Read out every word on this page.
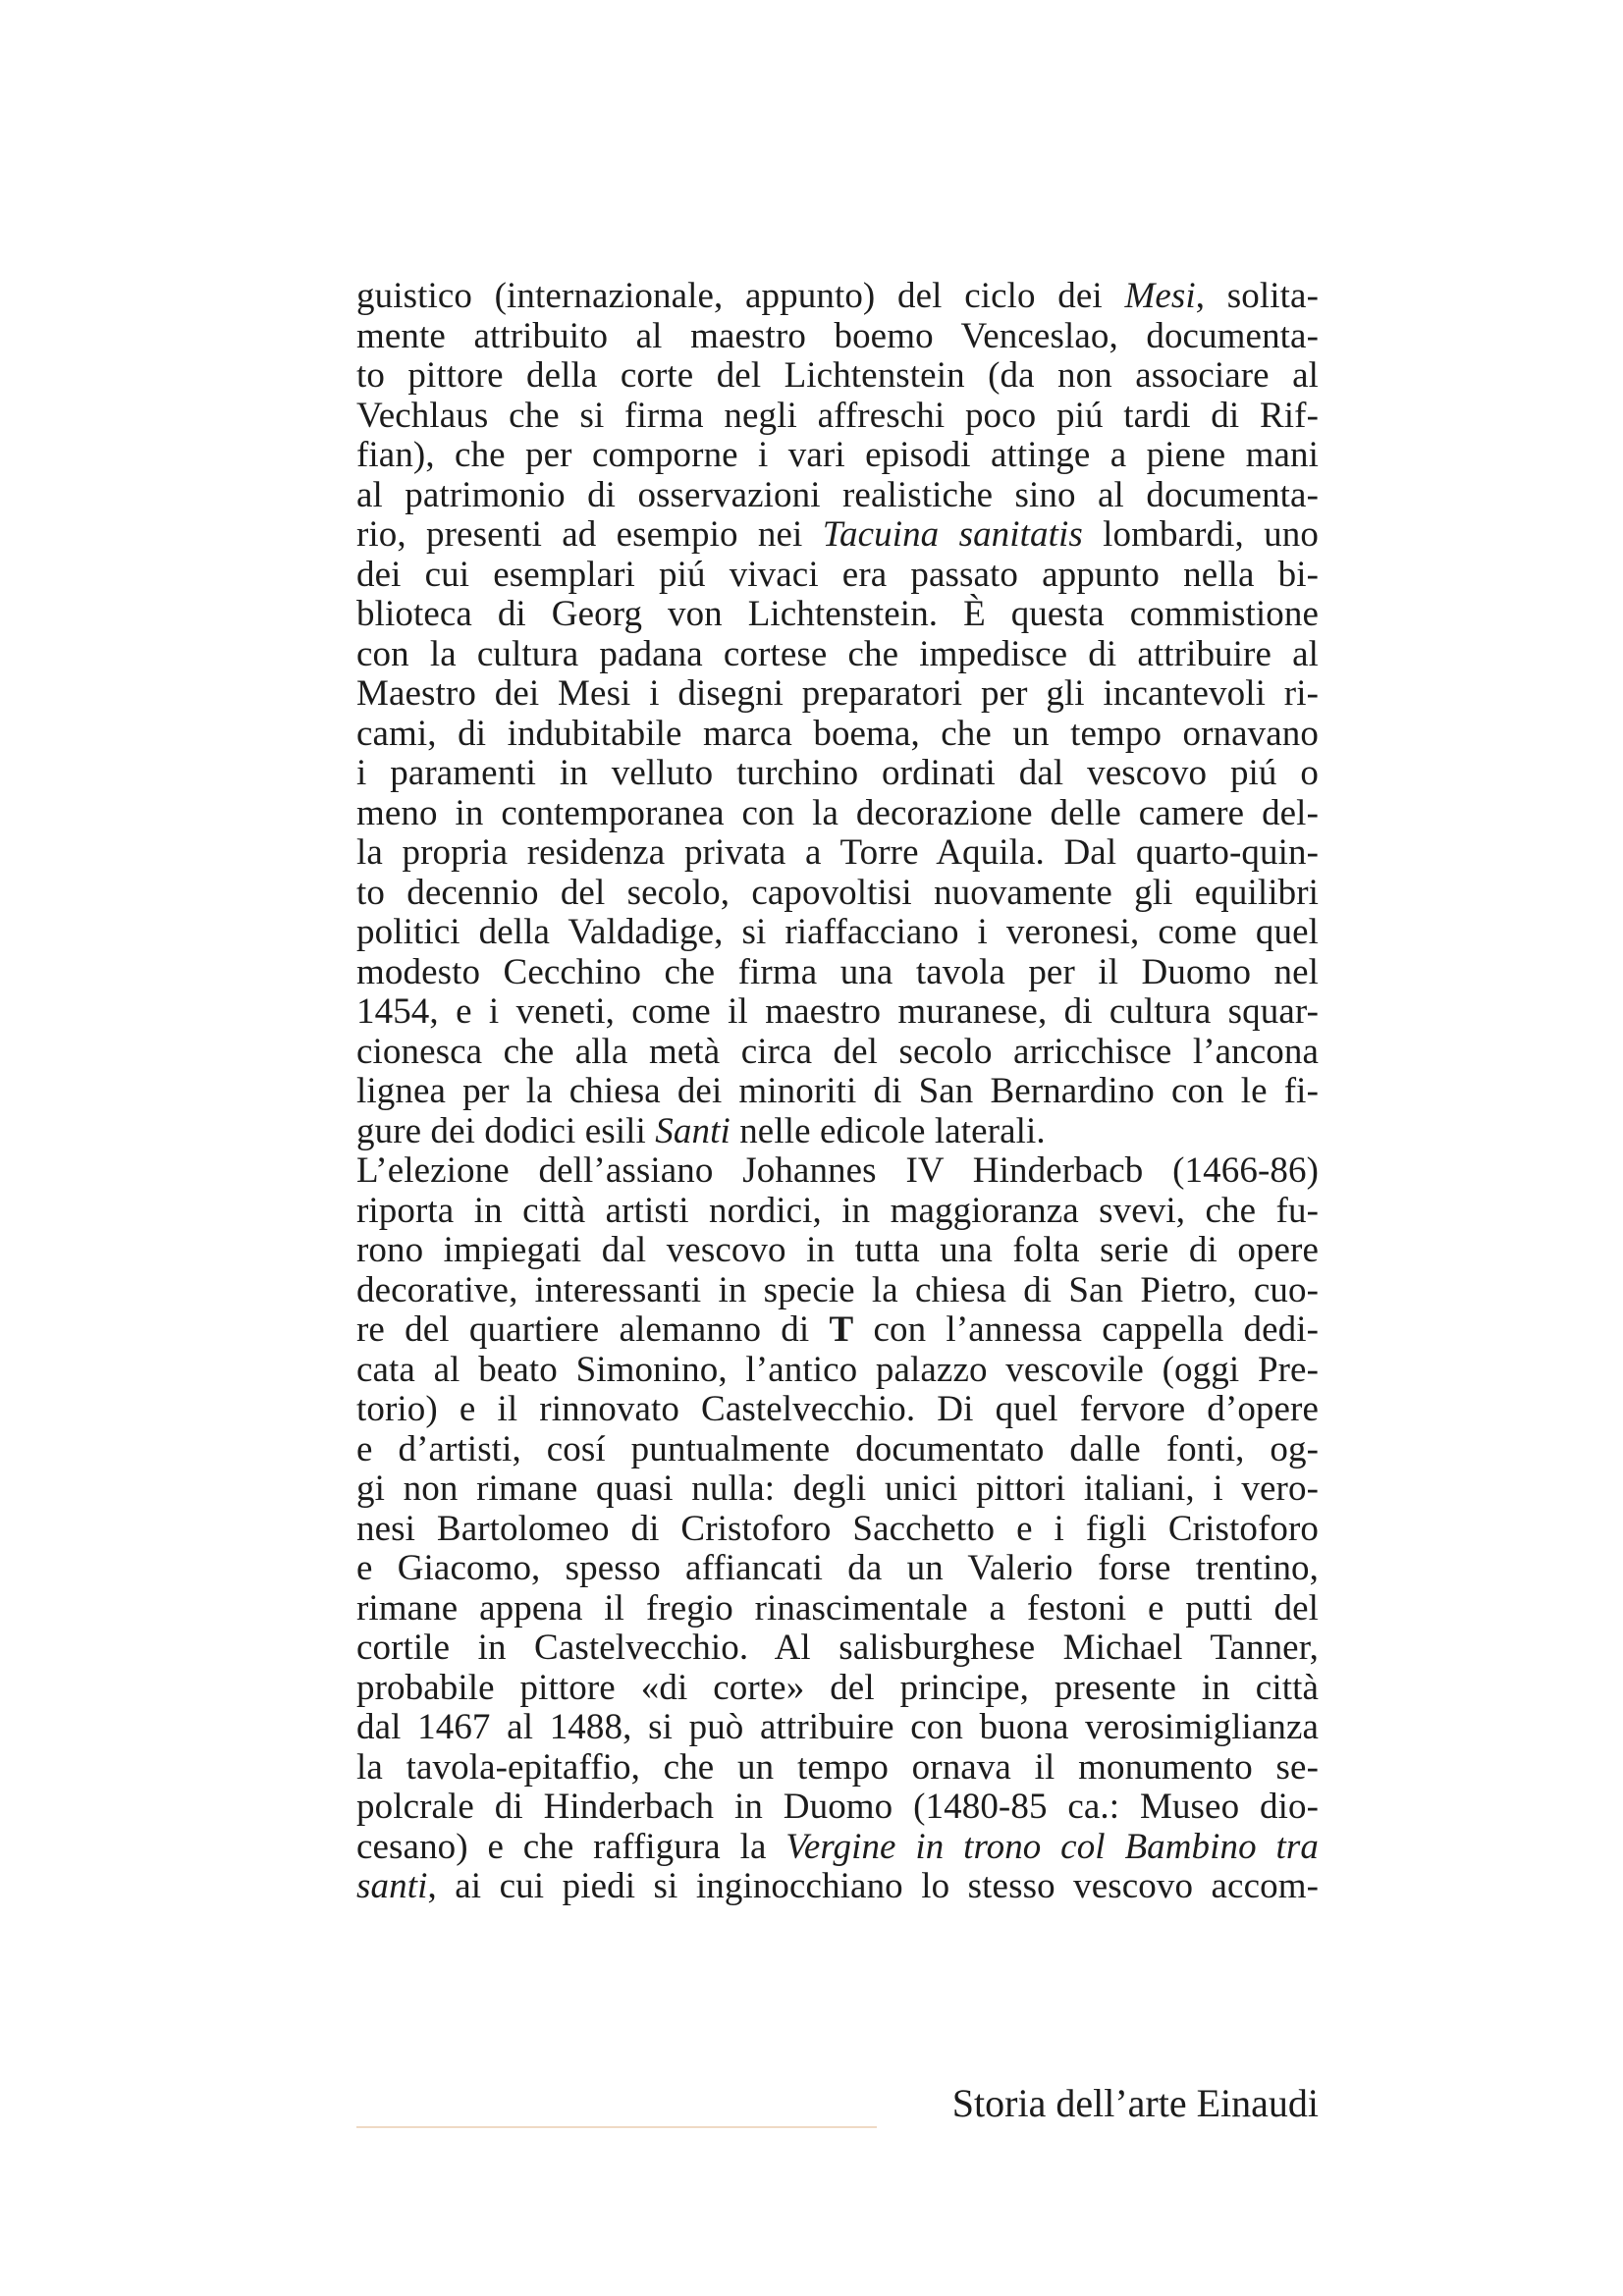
guistico (internazionale, appunto) del ciclo dei Mesi, solita-
mente attribuito al maestro boemo Venceslao, documenta-
to pittore della corte del Lichtenstein (da non associare al
Vechlaus che si firma negli affreschi poco piú tardi di Rif-
fian), che per comporne i vari episodi attinge a piene mani
al patrimonio di osservazioni realistiche sino al documenta-
rio, presenti ad esempio nei Tacuina sanitatis lombardi, uno
dei cui esemplari piú vivaci era passato appunto nella bi-
blioteca di Georg von Lichtenstein. È questa commistione
con la cultura padana cortese che impedisce di attribuire al
Maestro dei Mesi i disegni preparatori per gli incantevoli ri-
cami, di indubitabile marca boema, che un tempo ornavano
i paramenti in velluto turchino ordinati dal vescovo piú o
meno in contemporanea con la decorazione delle camere del-
la propria residenza privata a Torre Aquila. Dal quarto-quin-
to decennio del secolo, capovoltisi nuovamente gli equilibri
politici della Valdadige, si riaffacciano i veronesi, come quel
modesto Cecchino che firma una tavola per il Duomo nel
1454, e i veneti, come il maestro muranese, di cultura squar-
cionesca che alla metà circa del secolo arricchisce l’ancona
lignea per la chiesa dei minoriti di San Bernardino con le fi-
gure dei dodici esili Santi nelle edicole laterali.
L’elezione dell’assiano Johannes IV Hinderbacb (1466-86)
riporta in città artisti nordici, in maggioranza svevi, che fu-
rono impiegati dal vescovo in tutta una folta serie di opere
decorative, interessanti in specie la chiesa di San Pietro, cuo-
re del quartiere alemanno di T con l’annessa cappella dedi-
cata al beato Simonino, l’antico palazzo vescovile (oggi Pre-
torio) e il rinnovato Castelvecchio. Di quel fervore d’opere
e d’artisti, cosí puntualmente documentato dalle fonti, og-
gi non rimane quasi nulla: degli unici pittori italiani, i vero-
nesi Bartolomeo di Cristoforo Sacchetto e i figli Cristoforo
e Giacomo, spesso affiancati da un Valerio forse trentino,
rimane appena il fregio rinascimentale a festoni e putti del
cortile in Castelvecchio. Al salisburghese Michael Tanner,
probabile pittore «di corte» del principe, presente in città
dal 1467 al 1488, si può attribuire con buona verosimiglianza
la tavola-epitaffio, che un tempo ornava il monumento se-
polcrale di Hinderbach in Duomo (1480-85 ca.: Museo dio-
cesano) e che raffigura la Vergine in trono col Bambino tra
santi, ai cui piedi si inginocchiano lo stesso vescovo accom-
Storia dell’arte Einaudi
